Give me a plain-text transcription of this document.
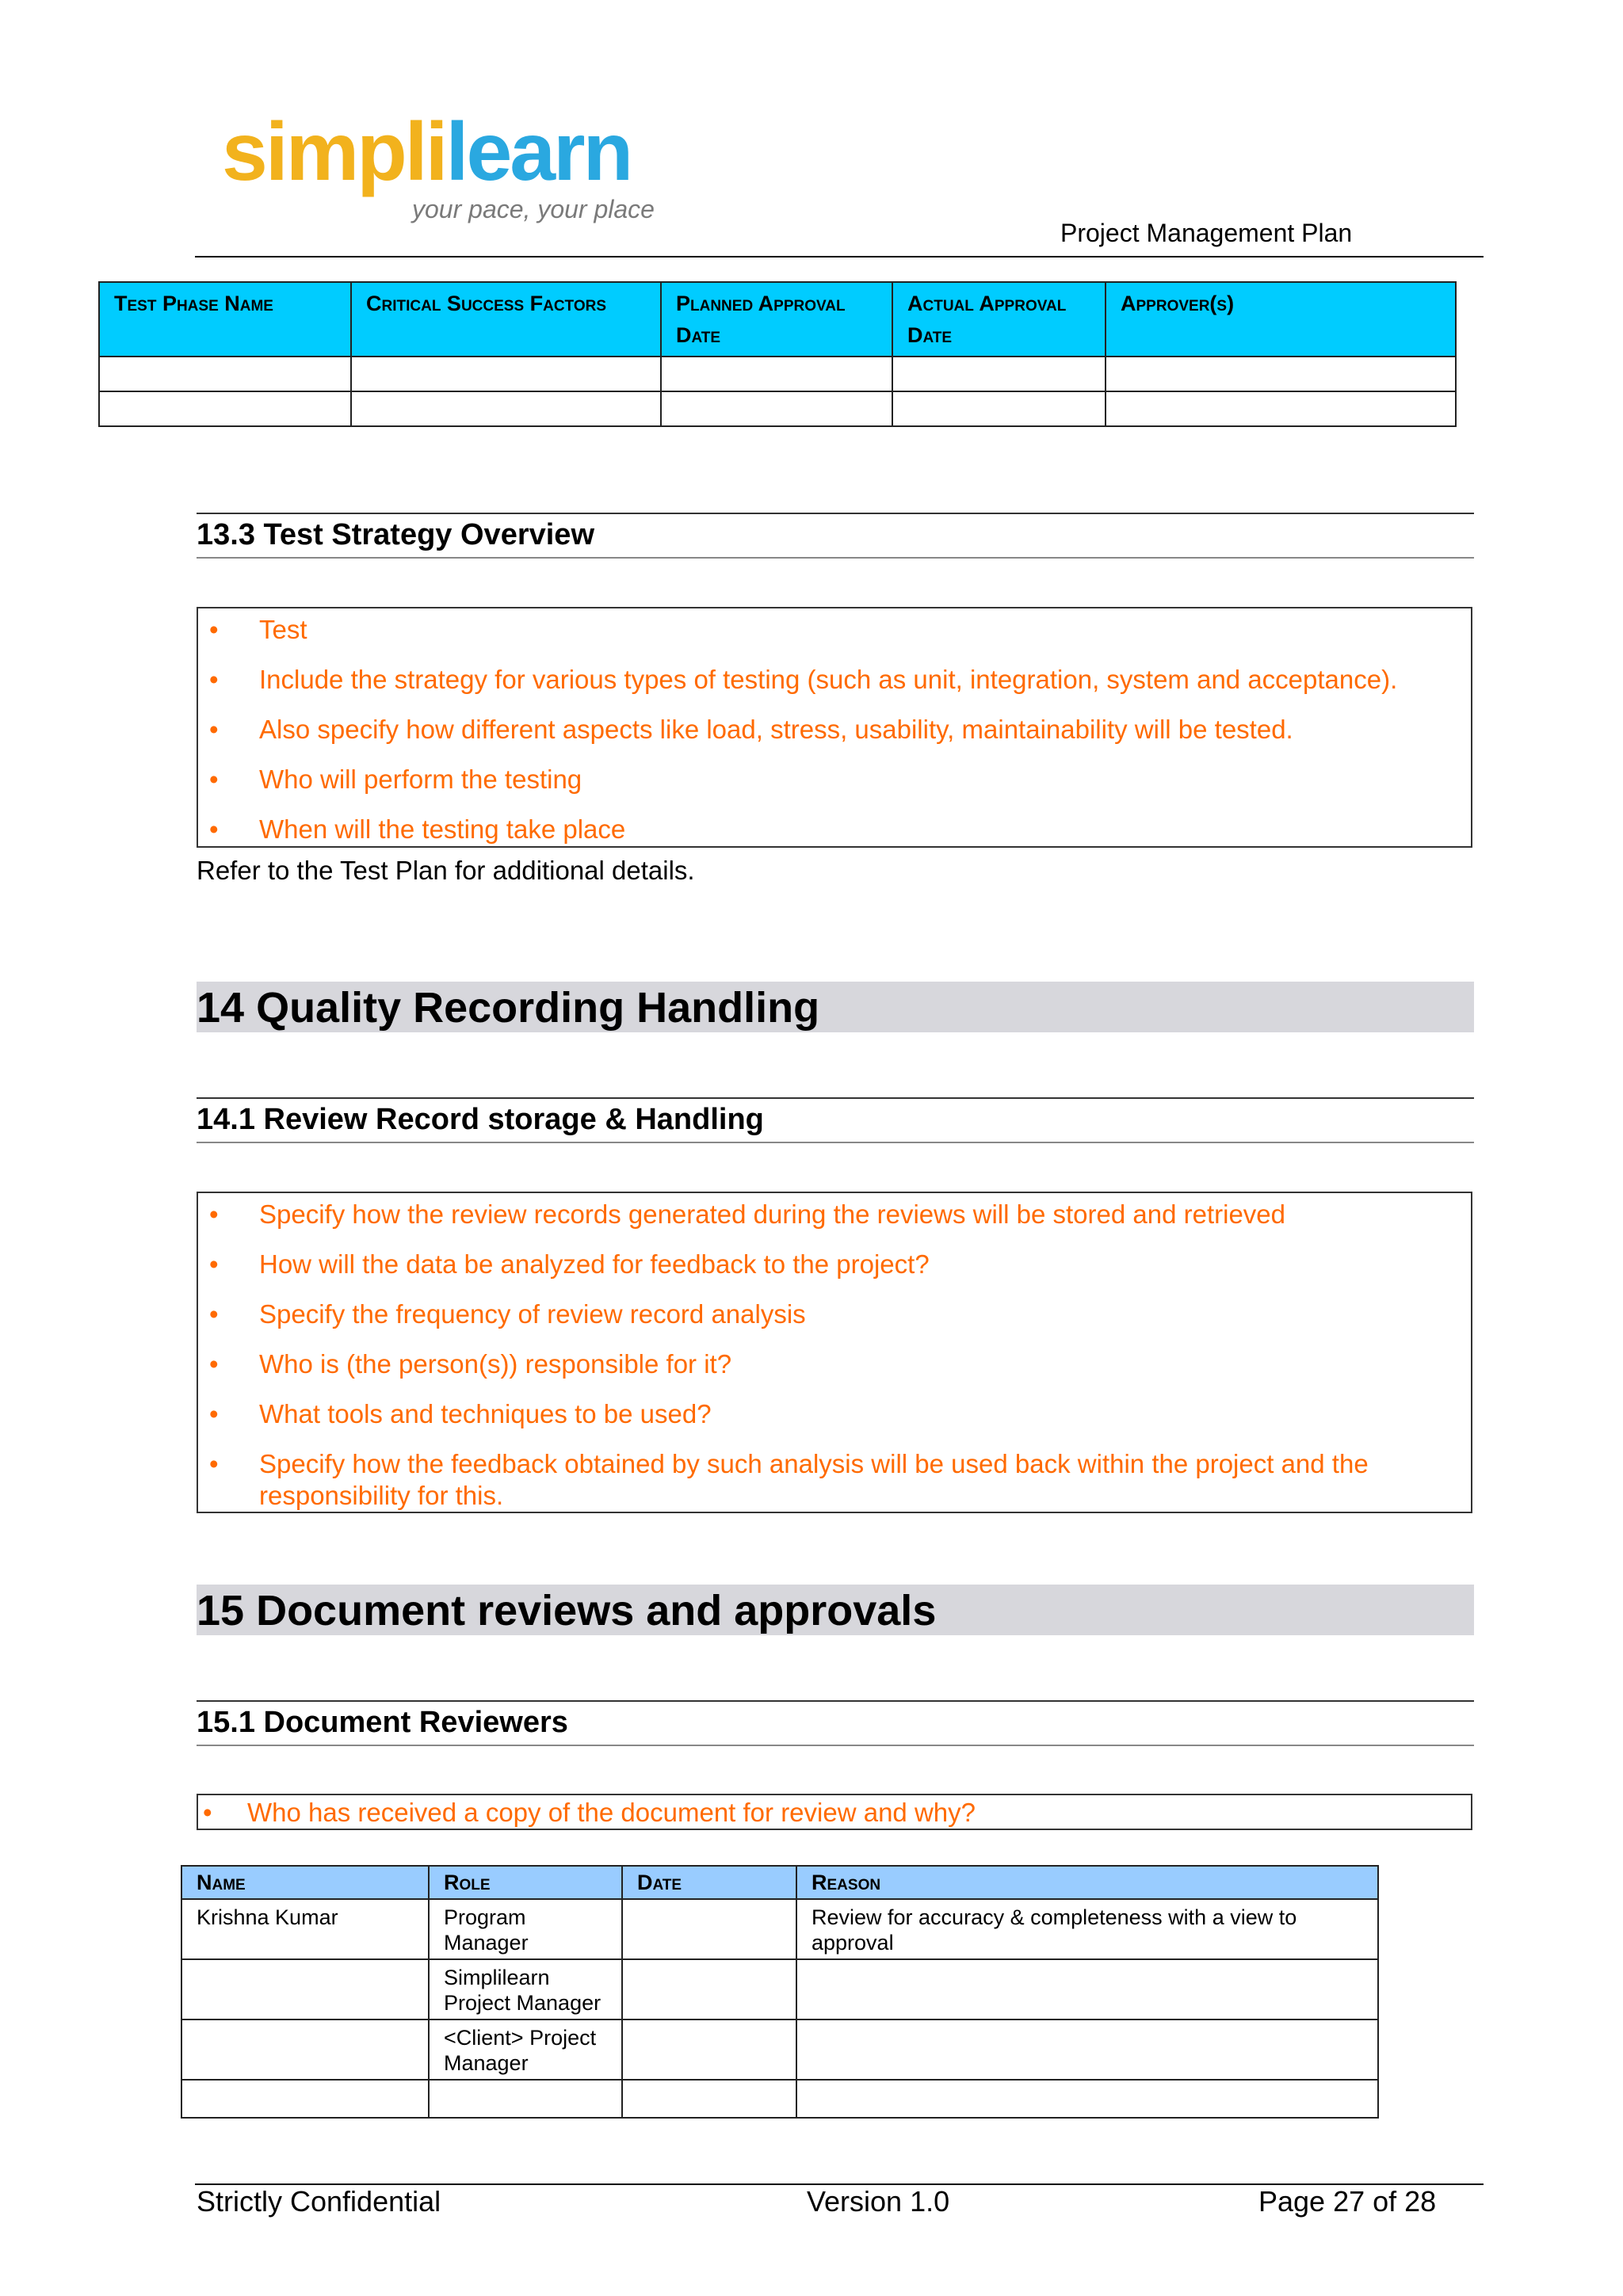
simplilearn
your pace, your place
Project Management Plan
Test Phase Name	Critical Success Factors	Planned Approval Date	Actual Approval Date	Approver(s)

13.3 Test Strategy Overview
• Test
• Include the strategy for various types of testing (such as unit, integration, system and acceptance).
• Also specify how different aspects like load, stress, usability, maintainability will be tested.
• Who will perform the testing
• When will the testing take place
Refer to the Test Plan for additional details.
14 Quality Recording Handling
14.1 Review Record storage & Handling
• Specify how the review records generated during the reviews will be stored and retrieved
• How will the data be analyzed for feedback to the project?
• Specify the frequency of review record analysis
• Who is (the person(s)) responsible for it?
• What tools and techniques to be used?
• Specify how the feedback obtained by such analysis will be used back within the project and the responsibility for this.
15 Document reviews and approvals
15.1 Document Reviewers
• Who has received a copy of the document for review and why?
Name	Role	Date	Reason
Krishna Kumar	Program Manager		Review for accuracy & completeness with a view to approval
	Simplilearn Project Manager		
	<Client> Project Manager		

Strictly Confidential	Version 1.0	Page 27 of 28
